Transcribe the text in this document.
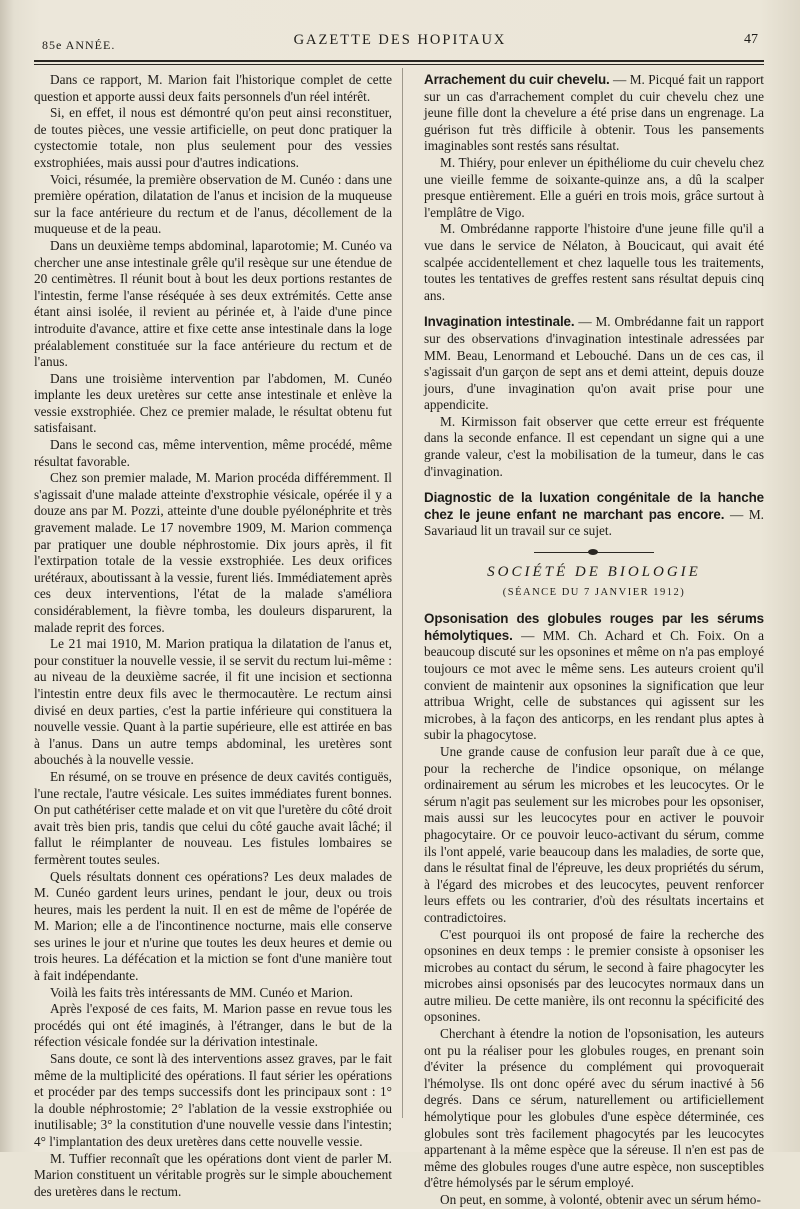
85e ANNÉE.	GAZETTE DES HOPITAUX	47

Dans ce rapport, M. Marion fait l'historique complet de cette question et apporte aussi deux faits personnels d'un réel intérêt.

Si, en effet, il nous est démontré qu'on peut ainsi reconstituer, de toutes pièces, une vessie artificielle, on peut donc pratiquer la cystectomie totale, non plus seulement pour des vessies exstrophiées, mais aussi pour d'autres indications.

Voici, résumée, la première observation de M. Cunéo : dans une première opération, dilatation de l'anus et incision de la muqueuse sur la face antérieure du rectum et de l'anus, décollement de la muqueuse et de la peau.

Dans un deuxième temps abdominal, laparotomie; M. Cunéo va chercher une anse intestinale grêle qu'il resèque sur une étendue de 20 centimètres. Il réunit bout à bout les deux portions restantes de l'intestin, ferme l'anse réséquée à ses deux extrémités. Cette anse étant ainsi isolée, il revient au périnée et, à l'aide d'une pince introduite d'avance, attire et fixe cette anse intestinale dans la loge préalablement constituée sur la face antérieure du rectum et de l'anus.

Dans une troisième intervention par l'abdomen, M. Cunéo implante les deux uretères sur cette anse intestinale et enlève la vessie exstrophiée. Chez ce premier malade, le résultat obtenu fut satisfaisant.

Dans le second cas, même intervention, même procédé, même résultat favorable.

Chez son premier malade, M. Marion procéda différemment. Il s'agissait d'une malade atteinte d'exstrophie vésicale, opérée il y a douze ans par M. Pozzi, atteinte d'une double pyélonéphrite et très gravement malade. Le 17 novembre 1909, M. Marion commença par pratiquer une double néphrostomie. Dix jours après, il fit l'extirpation totale de la vessie exstrophiée. Les deux orifices urétéraux, aboutissant à la vessie, furent liés. Immédiatement après ces deux interventions, l'état de la malade s'améliora considérablement, la fièvre tomba, les douleurs disparurent, la malade reprit des forces.

Le 21 mai 1910, M. Marion pratiqua la dilatation de l'anus et, pour constituer la nouvelle vessie, il se servit du rectum lui-même : au niveau de la deuxième sacrée, il fit une incision et sectionna l'intestin entre deux fils avec le thermocautère. Le rectum ainsi divisé en deux parties, c'est la partie inférieure qui constituera la nouvelle vessie. Quant à la partie supérieure, elle est attirée en bas à l'anus. Dans un autre temps abdominal, les uretères sont abouchés à la nouvelle vessie.

En résumé, on se trouve en présence de deux cavités contiguës, l'une rectale, l'autre vésicale. Les suites immédiates furent bonnes. On put cathétériser cette malade et on vit que l'uretère du côté droit avait très bien pris, tandis que celui du côté gauche avait lâché; il fallut le réimplanter de nouveau. Les fistules lombaires se fermèrent toutes seules.

Quels résultats donnent ces opérations? Les deux malades de M. Cunéo gardent leurs urines, pendant le jour, deux ou trois heures, mais les perdent la nuit. Il en est de même de l'opérée de M. Marion; elle a de l'incontinence nocturne, mais elle conserve ses urines le jour et n'urine que toutes les deux heures et demie ou trois heures. La défécation et la miction se font d'une manière tout à fait indépendante.

Voilà les faits très intéressants de MM. Cunéo et Marion.

Après l'exposé de ces faits, M. Marion passe en revue tous les procédés qui ont été imaginés, à l'étranger, dans le but de la réfection vésicale fondée sur la dérivation intestinale.

Sans doute, ce sont là des interventions assez graves, par le fait même de la multiplicité des opérations. Il faut sérier les opérations et procéder par des temps successifs dont les principaux sont : 1° la double néphrostomie; 2° l'ablation de la vessie exstrophiée ou inutilisable; 3° la constitution d'une nouvelle vessie dans l'intestin; 4° l'implantation des deux uretères dans cette nouvelle vessie.

M. Tuffier reconnaît que les opérations dont vient de parler M. Marion constituent un véritable progrès sur le simple abouchement des uretères dans le rectum.

Arrachement du cuir chevelu. — M. Picqué fait un rapport sur un cas d'arrachement complet du cuir chevelu chez une jeune fille dont la chevelure a été prise dans un engrenage. La guérison fut très difficile à obtenir. Tous les pansements imaginables sont restés sans résultat.

M. Thiéry, pour enlever un épithéliome du cuir chevelu chez une vieille femme de soixante-quinze ans, a dû la scalper presque entièrement. Elle a guéri en trois mois, grâce surtout à l'emplâtre de Vigo.

M. Ombrédanne rapporte l'histoire d'une jeune fille qu'il a vue dans le service de Nélaton, à Boucicaut, qui avait été scalpée accidentellement et chez laquelle tous les traitements, toutes les tentatives de greffes restent sans résultat depuis cinq ans.

Invagination intestinale. — M. Ombrédanne fait un rapport sur des observations d'invagination intestinale adressées par MM. Beau, Lenormand et Lebouché. Dans un de ces cas, il s'agissait d'un garçon de sept ans et demi atteint, depuis douze jours, d'une invagination qu'on avait prise pour une appendicite.

M. Kirmisson fait observer que cette erreur est fréquente dans la seconde enfance. Il est cependant un signe qui a une grande valeur, c'est la mobilisation de la tumeur, dans le cas d'invagination.

Diagnostic de la luxation congénitale de la hanche chez le jeune enfant ne marchant pas encore. — M. Savariaud lit un travail sur ce sujet.

SOCIÉTÉ DE BIOLOGIE
(SÉANCE DU 7 JANVIER 1912)

Opsonisation des globules rouges par les sérums hémolytiques. — MM. Ch. Achard et Ch. Foix. On a beaucoup discuté sur les opsonines et même on n'a pas employé toujours ce mot avec le même sens. Les auteurs croient qu'il convient de maintenir aux opsonines la signification que leur attribua Wright, celle de substances qui agissent sur les microbes, à la façon des anticorps, en les rendant plus aptes à subir la phagocytose.

Une grande cause de confusion leur paraît due à ce que, pour la recherche de l'indice opsonique, on mélange ordinairement au sérum les microbes et les leucocytes. Or le sérum n'agit pas seulement sur les microbes pour les opsoniser, mais aussi sur les leucocytes pour en activer le pouvoir phagocytaire. Or ce pouvoir leuco-activant du sérum, comme ils l'ont appelé, varie beaucoup dans les maladies, de sorte que, dans le résultat final de l'épreuve, les deux propriétés du sérum, à l'égard des microbes et des leucocytes, peuvent renforcer leurs effets ou les contrarier, d'où des résultats incertains et contradictoires.

C'est pourquoi ils ont proposé de faire la recherche des opsonines en deux temps : le premier consiste à opsoniser les microbes au contact du sérum, le second à faire phagocyter les microbes ainsi opsonisés par des leucocytes normaux dans un autre milieu. De cette manière, ils ont reconnu la spécificité des opsonines.

Cherchant à étendre la notion de l'opsonisation, les auteurs ont pu la réaliser pour les globules rouges, en prenant soin d'éviter la présence du complément qui provoquerait l'hémolyse. Ils ont donc opéré avec du sérum inactivé à 56 degrés. Dans ce sérum, naturellement ou artificiellement hémolytique pour les globules d'une espèce déterminée, ces globules sont très facilement phagocytés par les leucocytes appartenant à la même espèce que la séreuse. Il n'en est pas de même des globules rouges d'une autre espèce, non susceptibles d'être hémolysés par le sérum employé.

On peut, en somme, à volonté, obtenir avec un sérum hémo-
